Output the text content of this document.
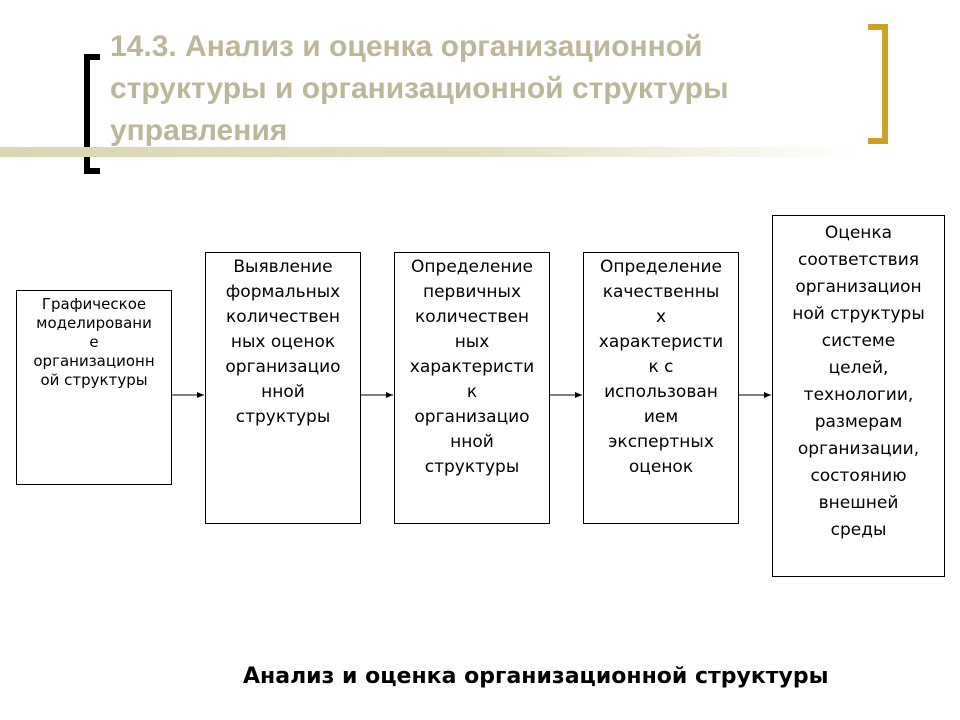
14.3. Анализ и оценка организационной структуры и организационной структуры управления
Графическое
моделировани
е
организационн
ой структуры
Выявление
формальных
количествен
ных оценок
организацио
нной
структуры
Определение
первичных
количествен
ных
характеристи
к
организацио
нной
структуры
Определение
качественны
х
характеристи
к с
использован
ием
экспертных
оценок
Оценка
соответствия
организацион
ной структуры
системе
целей,
технологии,
размерам
организации,
состоянию
внешней
среды
Анализ и оценка организационной структуры
